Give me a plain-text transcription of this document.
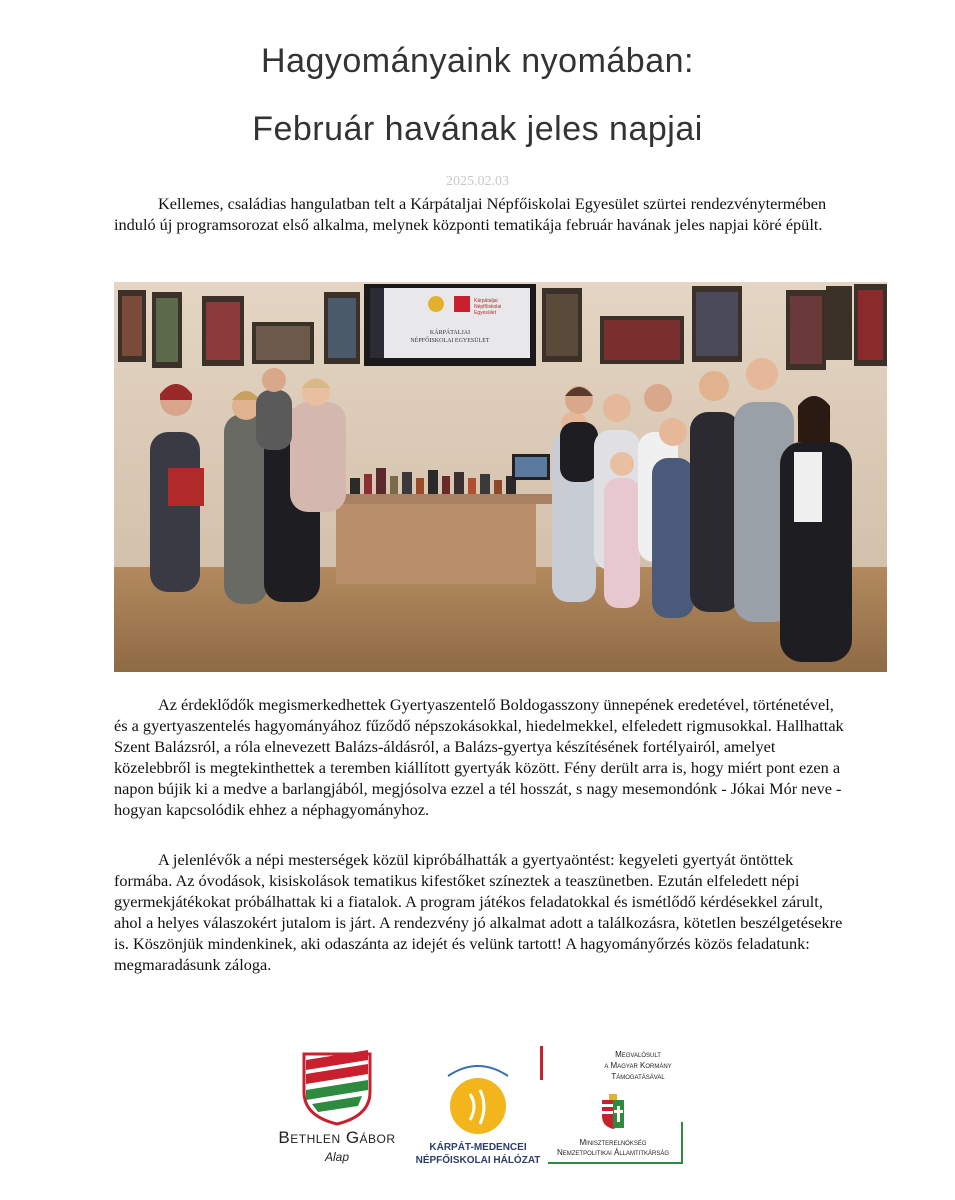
Hagyományaink nyomában:
Február havának jeles napjai
2025.02.03

Kellemes, családias hangulatban telt a Kárpátaljai Népfőiskolai Egyesület szürtei rendezvénytermében induló új programsorozat első alkalma, melynek központi tematikája február havának jeles napjai köré épült.

Kárpátaljai
Népfőiskolai
Egyesület
KÁRPÁTALJAI
NÉPFŐISKOLAI EGYESÜLET

Az érdeklődők megismerkedhettek Gyertyaszentelő Boldogasszony ünnepének eredetével, történetével, és a gyertyaszentelés hagyományához fűződő népszokásokkal, hiedelmekkel, elfeledett rigmusokkal. Hallhattak Szent Balázsról, a róla elnevezett Balázs-áldásról, a Balázs-gyertya készítésének fortélyairól, amelyet közelebbről is megtekinthettek a teremben kiállított gyertyák között. Fény derült arra is, hogy miért pont ezen a napon bújik ki a medve a barlangjából, megjósolva ezzel a tél hosszát, s nagy mesemondónk - Jókai Mór neve - hogyan kapcsolódik ehhez a néphagyományhoz.

A jelenlévők a népi mesterségek közül kipróbálhatták a gyertyaöntést: kegyeleti gyertyát öntöttek formába. Az óvodások, kisiskolások tematikus kifestőket színeztek a teaszünetben. Ezután elfeledett népi gyermekjátékokat próbálhattak ki a fiatalok. A program játékos feladatokkal és ismétlődő kérdésekkel zárult, ahol a helyes válaszokért jutalom is járt. A rendezvény jó alkalmat adott a találkozásra, kötetlen beszélgetésekre is. Köszönjük mindenkinek, aki odaszánta az idejét és velünk tartott! A hagyományőrzés közös feladatunk: megmaradásunk záloga.

Bethlen Gábor
Alap
KÁRPÁT-MEDENCEI
NÉPFŐISKOLAI HÁLÓZAT
Megvalósult
a Magyar Kormány
Támogatásával
Miniszterelnökség
Nemzetpolitikai Államtitkárság
